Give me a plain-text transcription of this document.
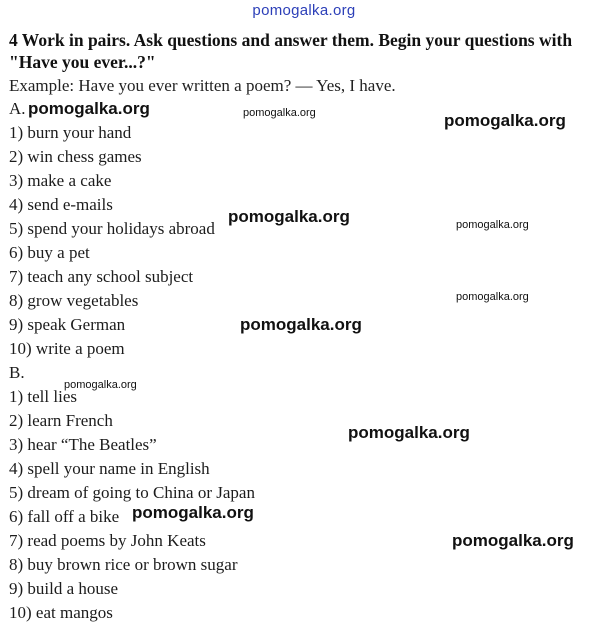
pomogalka.org
4 Work in pairs. Ask questions and answer them. Begin your questions with
"Have you ever...?"
Example: Have you ever written a poem? — Yes, I have.
A.
1) burn your hand
2) win chess games
3) make a cake
4) send e-mails
5) spend your holidays abroad
6) buy a pet
7) teach any school subject
8) grow vegetables
9) speak German
10) write a poem
B.
1) tell lies
2) learn French
3) hear “The Beatles”
4) spell your name in English
5) dream of going to China or Japan
6) fall off a bike
7) read poems by John Keats
8) buy brown rice or brown sugar
9) build a house
10) eat mangos
pomogalka.org	pomogalka.org	pomogalka.org
pomogalka.org	pomogalka.org
pomogalka.org
pomogalka.org
pomogalka.org
pomogalka.org
pomogalka.org
pomogalka.org
